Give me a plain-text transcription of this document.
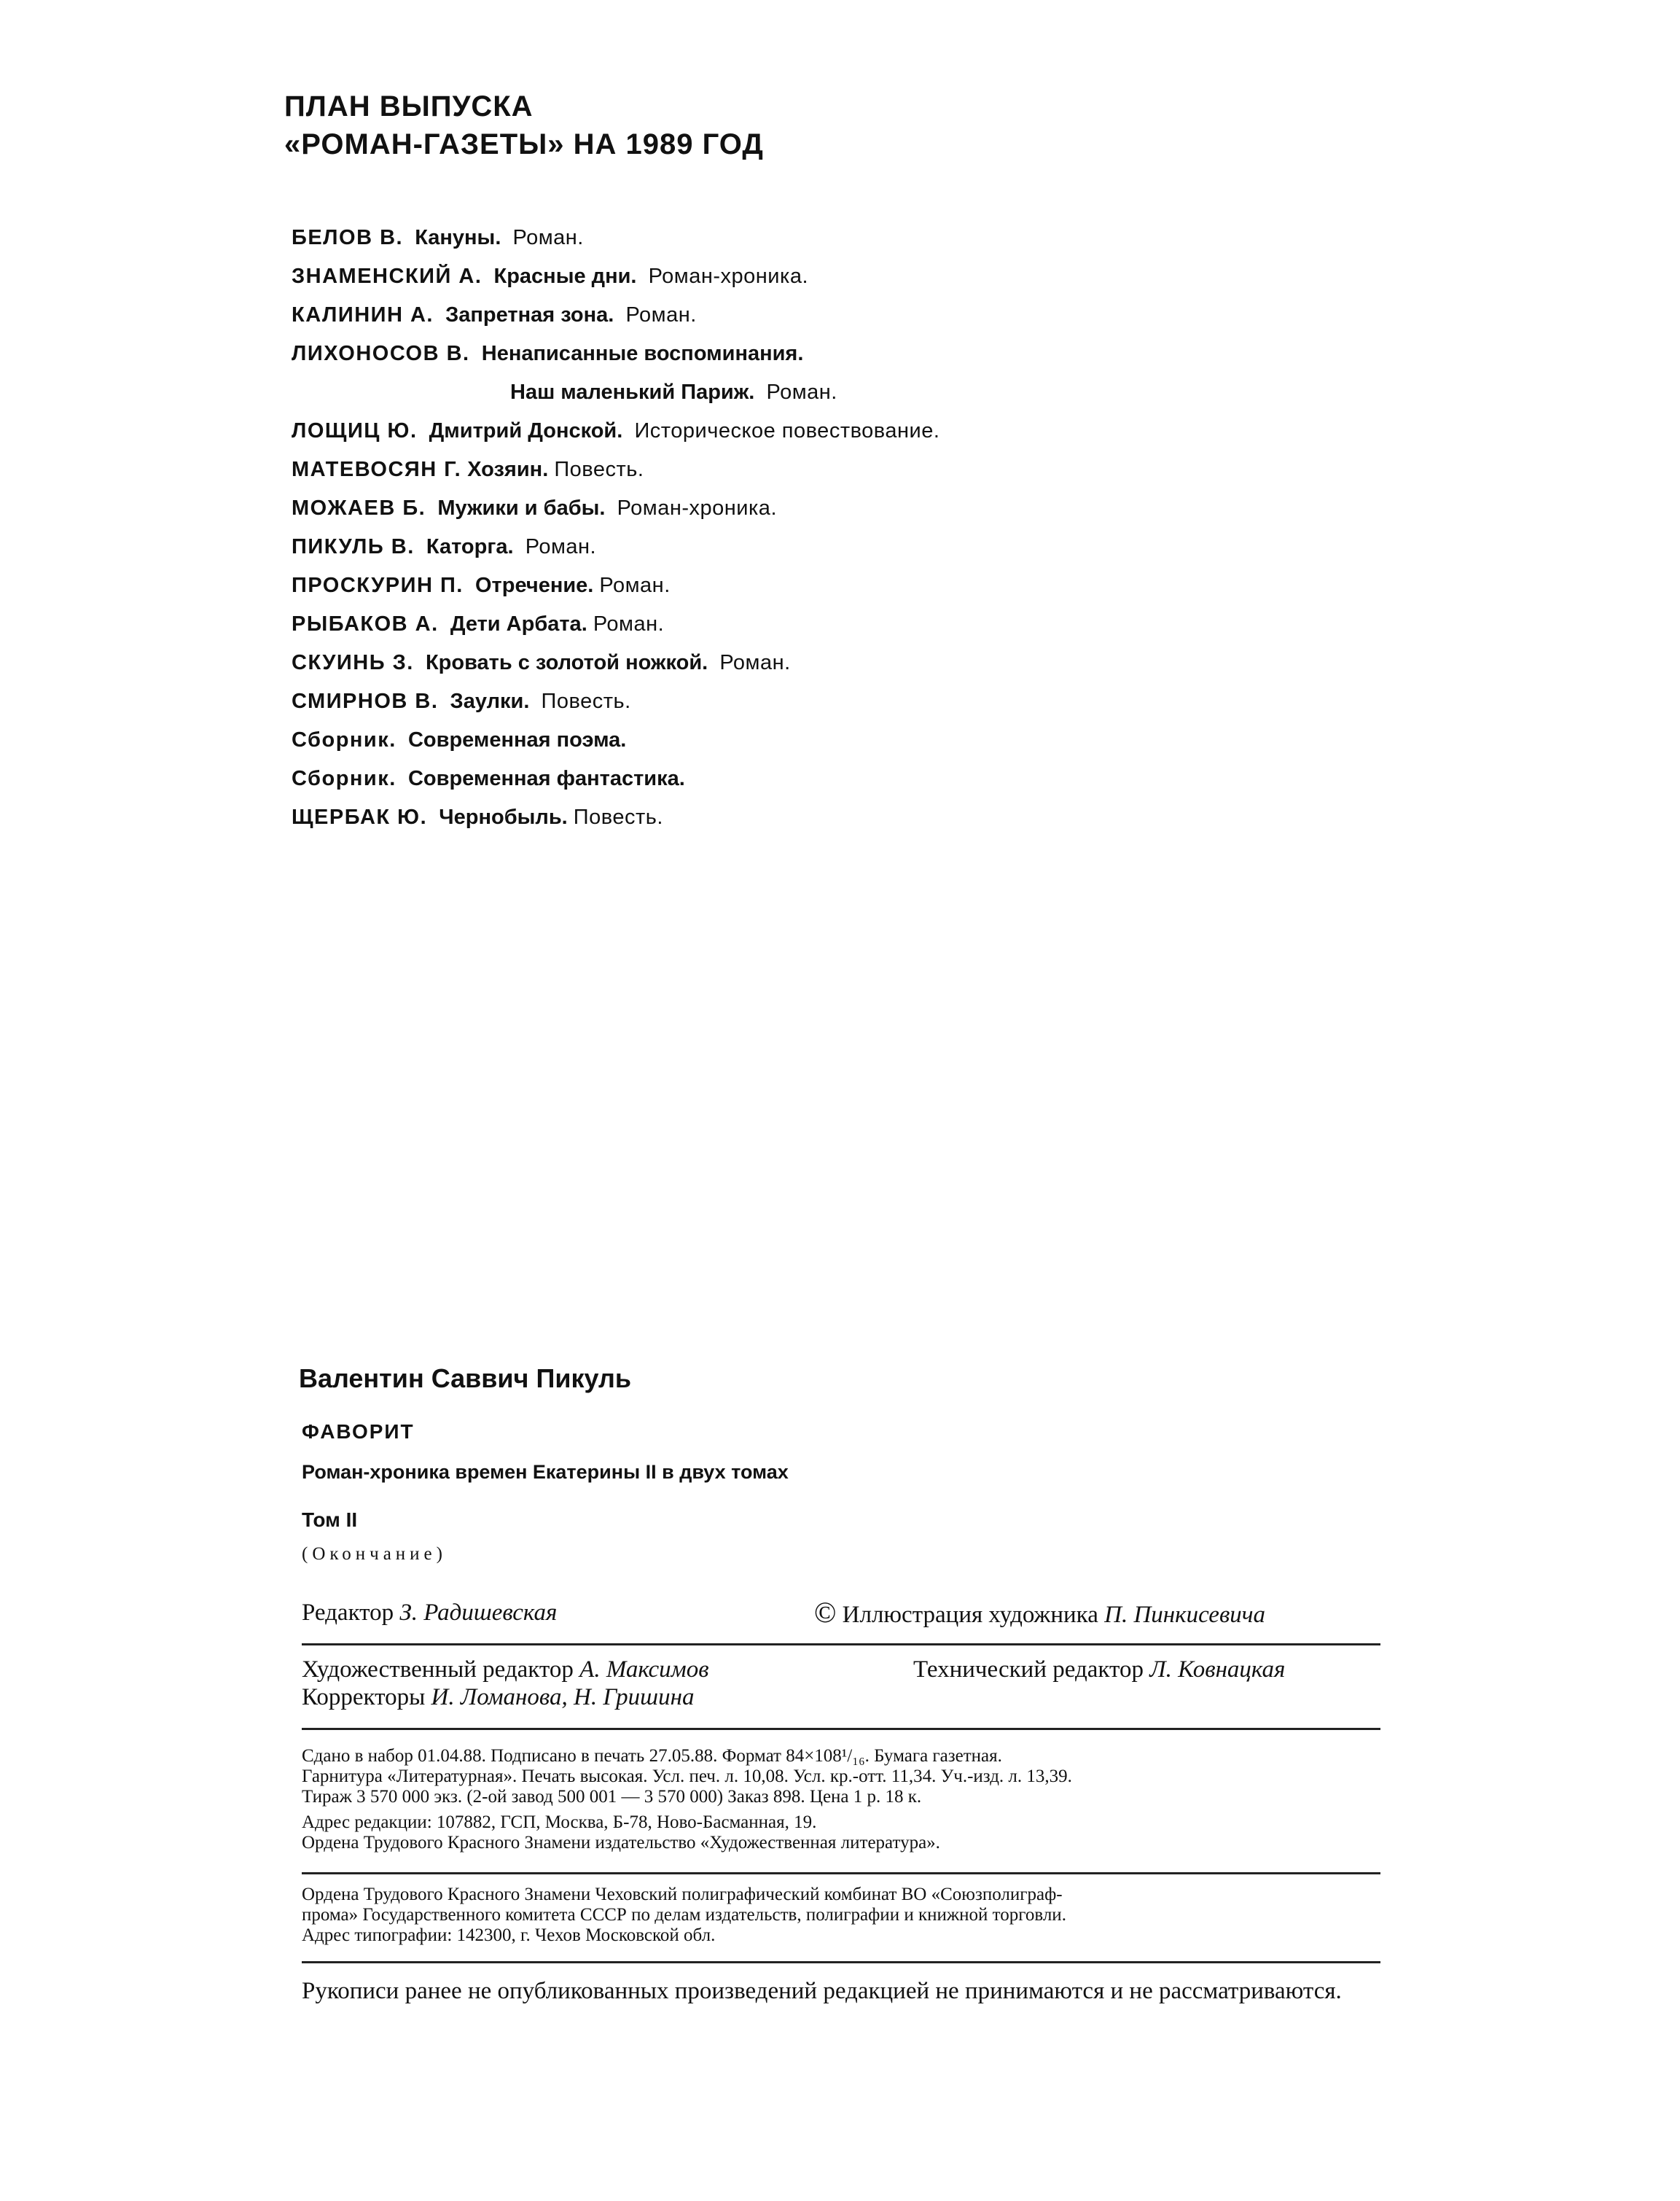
ПЛАН ВЫПУСКА
«РОМАН-ГАЗЕТЫ» НА 1989 ГОД
БЕЛОВ В. Кануны. Роман.
ЗНАМЕНСКИЙ А. Красные дни. Роман-хроника.
КАЛИНИН А. Запретная зона. Роман.
ЛИХОНОСОВ В. Ненаписанные воспоминания.
Наш маленький Париж. Роман.
ЛОЩИЦ Ю. Дмитрий Донской. Историческое повествование.
МАТЕВОСЯН Г. Хозяин. Повесть.
МОЖАЕВ Б. Мужики и бабы. Роман-хроника.
ПИКУЛЬ В. Каторга. Роман.
ПРОСКУРИН П. Отречение. Роман.
РЫБАКОВ А. Дети Арбата. Роман.
СКУИНЬ З. Кровать с золотой ножкой. Роман.
СМИРНОВ В. Заулки. Повесть.
Сборник. Современная поэма.
Сборник. Современная фантастика.
ЩЕРБАК Ю. Чернобыль. Повесть.
Валентин Саввич Пикуль
ФАВОРИТ
Роман-хроника времен Екатерины II в двух томах
Том II
(Окончание)
Редактор З. Радишевская	© Иллюстрация художника П. Пинкисевича
Художественный редактор А. Максимов	Технический редактор Л. Ковнацкая
Корректоры И. Ломанова, Н. Гришина
Сдано в набор 01.04.88. Подписано в печать 27.05.88. Формат 84×108¹/₁₆. Бумага газетная.
Гарнитура «Литературная». Печать высокая. Усл. печ. л. 10,08. Усл. кр.-отт. 11,34. Уч.-изд. л. 13,39.
Тираж 3 570 000 экз. (2-ой завод 500 001 — 3 570 000) Заказ 898. Цена 1 р. 18 к.
Адрес редакции: 107882, ГСП, Москва, Б-78, Ново-Басманная, 19.
Ордена Трудового Красного Знамени издательство «Художественная литература».
Ордена Трудового Красного Знамени Чеховский полиграфический комбинат ВО «Союзполиграф-
прома» Государственного комитета СССР по делам издательств, полиграфии и книжной торговли.
Адрес типографии: 142300, г. Чехов Московской обл.
Рукописи ранее не опубликованных произведений редакцией не принимаются и не рассматриваются.
